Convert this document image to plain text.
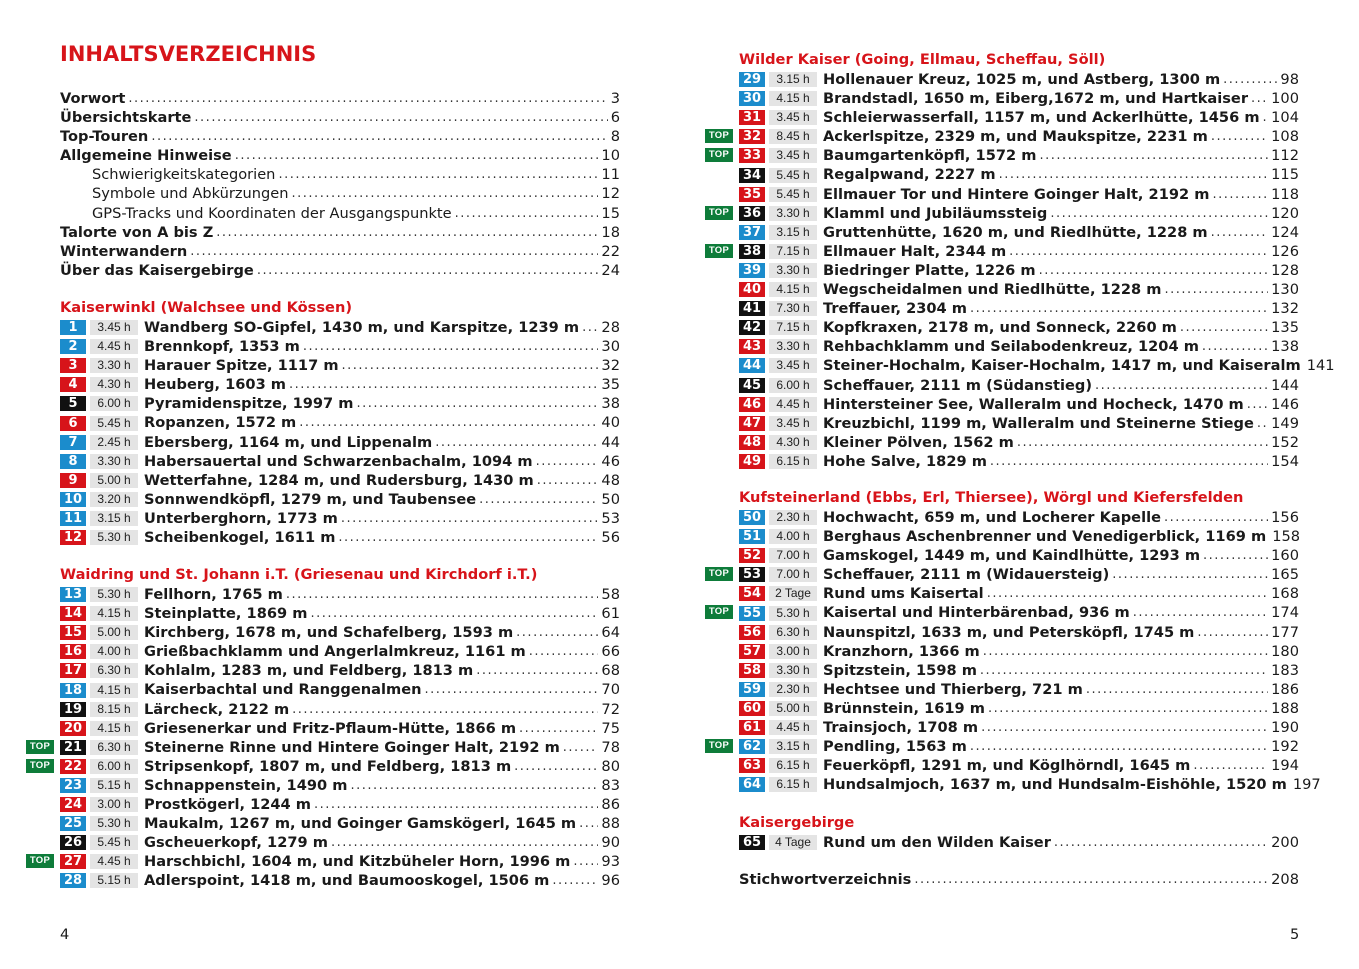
INHALTSVERZEICHNIS
Vorwort .....	3
Übersichtskarte .....	6
Top-Touren .....	8
Allgemeine Hinweise .....	10
Schwierigkeitskategorien .....	11
Symbole und Abkürzungen .....	12
GPS-Tracks und Koordinaten der Ausgangspunkte .....	15
Talorte von A bis Z .....	18
Winterwandern .....	22
Über das Kaisergebirge .....	24
Kaiserwinkl (Walchsee und Kössen)
1	3.45 h Wandberg SO-Gipfel, 1430 m, und Karspitze, 1239 m ..... 28
2	4.45 h Brennkopf, 1353 m .....	30
3	3.30 h Harauer Spitze, 1117 m .....	32
4	4.30 h Heuberg, 1603 m .....	35
5	6.00 h Pyramidenspitze, 1997 m .....	38
6	5.45 h Ropanzen, 1572 m .....	40
7	2.45 h Ebersberg, 1164 m, und Lippenalm .....	44
8	3.30 h Habersauertal und Schwarzenbachalm, 1094 m .....	46
9	5.00 h Wetterfahne, 1284 m, und Rudersburg, 1430 m .....	48
10	3.20 h Sonnwendköpfl, 1279 m, und Taubensee .....	50
11	3.15 h Unterberghorn, 1773 m .....	53
12	5.30 h Scheibenkogel, 1611 m .....	56
Waidring und St. Johann i.T. (Griesenau und Kirchdorf i.T.)
13	5.30 h Fellhorn, 1765 m .....	58
14	4.15 h Steinplatte, 1869 m .....	61
15	5.00 h Kirchberg, 1678 m, und Schafelberg, 1593 m .....	64
16	4.00 h Grießbachklamm und Angerlalmkreuz, 1161 m .....	66
17	6.30 h Kohlalm, 1283 m, und Feldberg, 1813 m .....	68
18	4.15 h Kaiserbachtal und Ranggenalmen .....	70
19	8.15 h Lärcheck, 2122 m .....	72
20	4.15 h Griesenerkar und Fritz-Pflaum-Hütte, 1866 m .....	75
TOP	21	6.30 h Steinerne Rinne und Hintere Goinger Halt, 2192 m .....	78
TOP	22	6.00 h Stripsenkopf, 1807 m, und Feldberg, 1813 m .....	80
23	5.15 h Schnappenstein, 1490 m .....	83
24	3.00 h Prostkögerl, 1244 m .....	86
25	5.30 h Maukalm, 1267 m, und Goinger Gamskögerl, 1645 m ..... 88
26	5.45 h Gscheuerkopf, 1279 m .....	90
TOP	27	4.45 h Harschbichl, 1604 m, und Kitzbüheler Horn, 1996 m ..... 93
28	5.15 h Adlerspoint, 1418 m, und Baumooskogel, 1506 m .....	96
Wilder Kaiser (Going, Ellmau, Scheffau, Söll)
29	3.15 h Hollenauer Kreuz, 1025 m, und Astberg, 1300 m .....	98
30	4.15 h Brandstadl, 1650 m, Eiberg,1672 m, und Hartkaiser ..... 100
31	3.45 h Schleierwasserfall, 1157 m, und Ackerlhütte, 1456 m ..... 104
TOP	32	8.45 h Ackerlspitze, 2329 m, und Maukspitze, 2231 m .....	108
TOP	33	3.45 h Baumgartenköpfl, 1572 m .....	112
34	5.45 h Regalpwand, 2227 m .....	115
35	5.45 h Ellmauer Tor und Hintere Goinger Halt, 2192 m .....	118
TOP	36	3.30 h Klamml und Jubiläumssteig .....	120
37	3.15 h Gruttenhütte, 1620 m, und Riedlhütte, 1228 m .....	124
TOP	38	7.15 h Ellmauer Halt, 2344 m .....	126
39	3.30 h Biedringer Platte, 1226 m .....	128
40	4.15 h Wegscheidalmen und Riedlhütte, 1228 m .....	130
41	7.30 h Treffauer, 2304 m .....	132
42	7.15 h Kopfkraxen, 2178 m, und Sonneck, 2260 m .....	135
43	3.30 h Rehbachklamm und Seilabodenkreuz, 1204 m .....	138
44	3.45 h Steiner-Hochalm, Kaiser-Hochalm, 1417 m, und Kaiseralm 141
45	6.00 h Scheffauer, 2111 m (Südanstieg) .....	144
46	4.45 h Hintersteiner See, Walleralm und Hocheck, 1470 m ..... 146
47	3.45 h Kreuzbichl, 1199 m, Walleralm und Steinerne Stiege ..... 149
48	4.30 h Kleiner Pölven, 1562 m .....	152
49	6.15 h Hohe Salve, 1829 m .....	154
Kufsteinerland (Ebbs, Erl, Thiersee), Wörgl und Kiefersfelden
50	2.30 h Hochwacht, 659 m, und Locherer Kapelle .....	156
51	4.00 h Berghaus Aschenbrenner und Venedigerblick, 1169 m 158
52	7.00 h Gamskogel, 1449 m, und Kaindlhütte, 1293 m .....	160
TOP	53	7.00 h Scheffauer, 2111 m (Widauersteig) .....	165
54	2 Tage Rund ums Kaisertal .....	168
TOP	55	5.30 h Kaisertal und Hinterbärenbad, 936 m .....	174
56	6.30 h Naunspitzl, 1633 m, und Petersköpfl, 1745 m .....	177
57	3.00 h Kranzhorn, 1366 m .....	180
58	3.30 h Spitzstein, 1598 m .....	183
59	2.30 h Hechtsee und Thierberg, 721 m .....	186
60	5.00 h Brünnstein, 1619 m .....	188
61	4.45 h Trainsjoch, 1708 m .....	190
TOP	62	3.15 h Pendling, 1563 m .....	192
63	6.15 h Feuerköpfl, 1291 m, und Köglhörndl, 1645 m .....	194
64	6.15 h Hundsalmjoch, 1637 m, und Hundsalm-Eishöhle, 1520 m 197
Kaisergebirge
65	4 Tage Rund um den Wilden Kaiser .....	200
Stichwortverzeichnis .....	208
4	5
